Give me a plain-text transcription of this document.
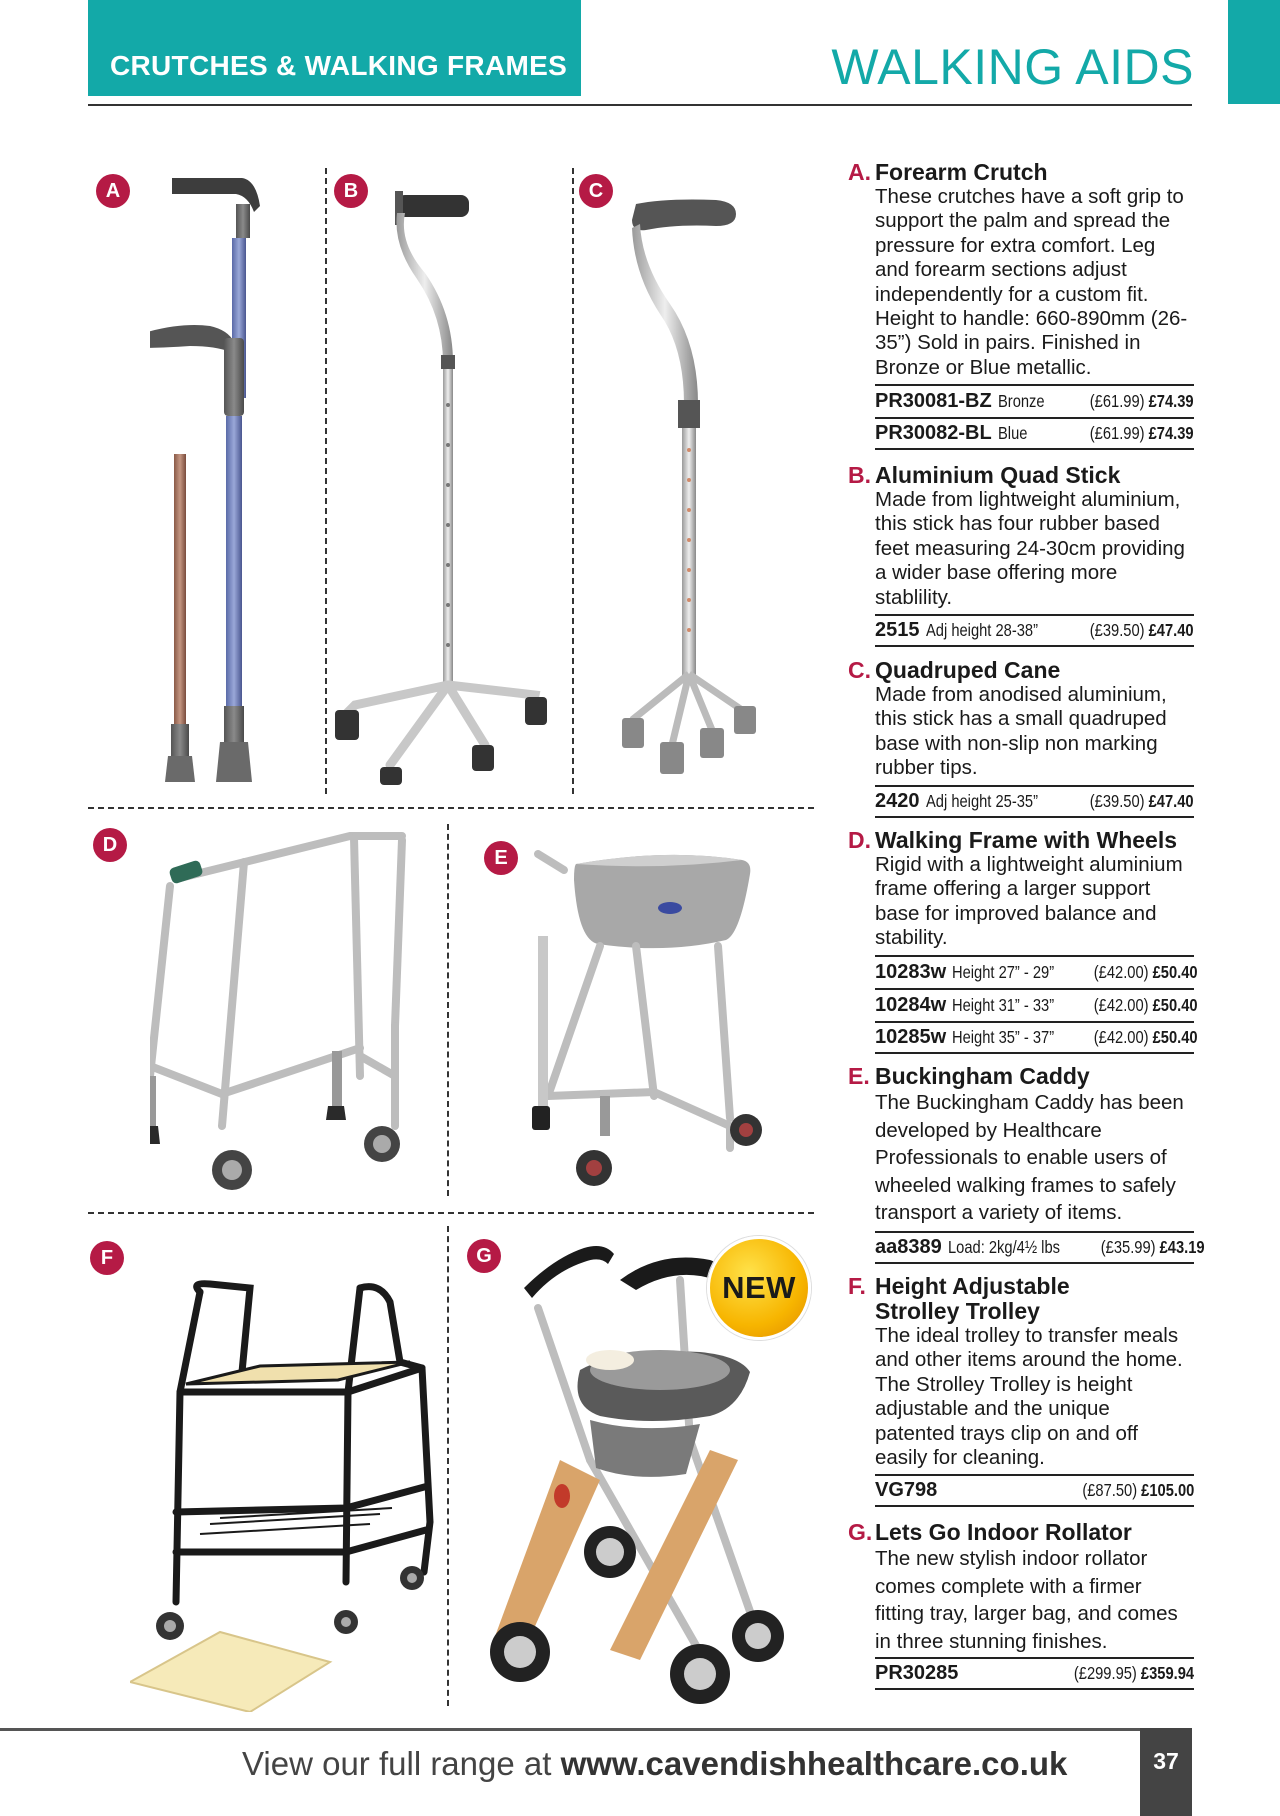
CRUTCHES & WALKING FRAMES	WALKING AIDS
A	B	C
D
E
F	G
NEW
A. Forearm Crutch
These crutches have a soft grip to support the palm and spread the pressure for extra comfort. Leg and forearm sections adjust independently for a custom fit. Height to handle: 660-890mm (26-35”) Sold in pairs. Finished in Bronze or Blue metallic.
PR30081-BZ Bronze	(£61.99) £74.39
PR30082-BL Blue	(£61.99) £74.39
B. Aluminium Quad Stick
Made from lightweight aluminium, this stick has four rubber based feet measuring 24-30cm providing a wider base offering more stablility.
2515 Adj height 28-38”	(£39.50) £47.40
C. Quadruped Cane
Made from anodised aluminium, this stick has a small quadruped base with non-slip non marking rubber tips.
2420 Adj height 25-35”	(£39.50) £47.40
D. Walking Frame with Wheels
Rigid with a lightweight aluminium frame offering a larger support base for improved balance and stability.
10283w Height 27” - 29” (£42.00) £50.40
10284w Height 31” - 33” (£42.00) £50.40
10285w Height 35” - 37” (£42.00) £50.40
E. Buckingham Caddy
The Buckingham Caddy has been developed by Healthcare Professionals to enable users of wheeled walking frames to safely transport a variety of items.
aa8389 Load: 2kg/4½ lbs (£35.99) £43.19
F. Height Adjustable Strolley Trolley
The ideal trolley to transfer meals and other items around the home. The Strolley Trolley is height adjustable and the unique patented trays clip on and off easily for cleaning.
VG798	(£87.50) £105.00
G. Lets Go Indoor Rollator
The new stylish indoor rollator comes complete with a firmer fitting tray, larger bag, and comes in three stunning finishes.
PR30285	(£299.95) £359.94
View our full range at www.cavendishhealthcare.co.uk	37
